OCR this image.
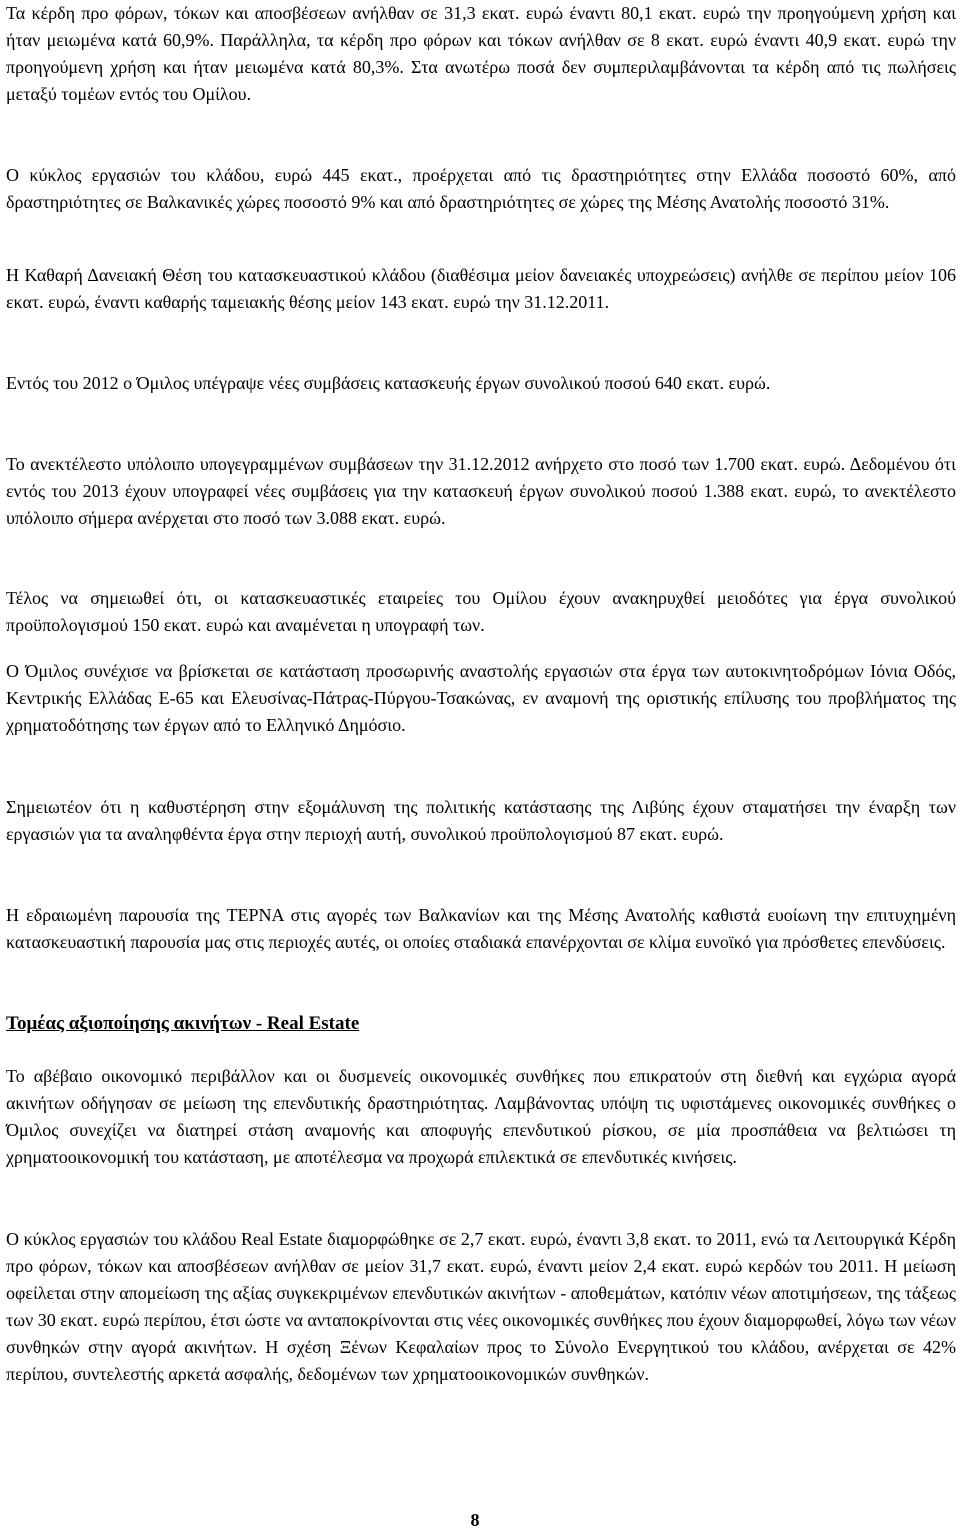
Τα κέρδη προ φόρων, τόκων και αποσβέσεων ανήλθαν σε 31,3 εκατ. ευρώ έναντι 80,1 εκατ. ευρώ την προηγούμενη χρήση και ήταν μειωμένα κατά 60,9%. Παράλληλα, τα κέρδη προ φόρων και τόκων ανήλθαν σε 8 εκατ. ευρώ έναντι 40,9 εκατ. ευρώ την προηγούμενη χρήση και ήταν μειωμένα κατά 80,3%. Στα ανωτέρω ποσά δεν συμπεριλαμβάνονται τα κέρδη από τις πωλήσεις μεταξύ τομέων εντός του Ομίλου.

Ο κύκλος εργασιών του κλάδου, ευρώ 445 εκατ., προέρχεται από τις δραστηριότητες στην Ελλάδα ποσοστό 60%, από δραστηριότητες σε Βαλκανικές χώρες ποσοστό 9% και από δραστηριότητες σε χώρες της Μέσης Ανατολής ποσοστό 31%.

Η Καθαρή Δανειακή Θέση του κατασκευαστικού κλάδου (διαθέσιμα μείον δανειακές υποχρεώσεις) ανήλθε σε περίπου μείον 106 εκατ. ευρώ, έναντι καθαρής ταμειακής θέσης μείον 143 εκατ. ευρώ την 31.12.2011.

Εντός του 2012 ο Όμιλος υπέγραψε νέες συμβάσεις κατασκευής έργων συνολικού ποσού 640 εκατ. ευρώ.

Το ανεκτέλεστο υπόλοιπο υπογεγραμμένων συμβάσεων την 31.12.2012 ανήρχετο στο ποσό των 1.700 εκατ. ευρώ. Δεδομένου ότι εντός του 2013 έχουν υπογραφεί νέες συμβάσεις για την κατασκευή έργων συνολικού ποσού 1.388 εκατ. ευρώ, το ανεκτέλεστο υπόλοιπο σήμερα ανέρχεται στο ποσό των 3.088 εκατ. ευρώ.

Τέλος να σημειωθεί ότι, οι κατασκευαστικές εταιρείες του Ομίλου έχουν ανακηρυχθεί μειοδότες για έργα συνολικού προϋπολογισμού 150 εκατ. ευρώ και αναμένεται η υπογραφή των.

Ο Όμιλος συνέχισε να βρίσκεται σε κατάσταση προσωρινής αναστολής εργασιών στα έργα των αυτοκινητοδρόμων Ιόνια Οδός, Κεντρικής Ελλάδας Ε-65 και Ελευσίνας-Πάτρας-Πύργου-Τσακώνας, εν αναμονή της οριστικής επίλυσης του προβλήματος της χρηματοδότησης των έργων από το Ελληνικό Δημόσιο.

Σημειωτέον ότι η καθυστέρηση στην εξομάλυνση της πολιτικής κατάστασης της Λιβύης έχουν σταματήσει την έναρξη των εργασιών για τα αναληφθέντα έργα στην περιοχή αυτή, συνολικού προϋπολογισμού 87 εκατ. ευρώ.

Η εδραιωμένη παρουσία της ΤΕΡΝΑ στις αγορές των Βαλκανίων και της Μέσης Ανατολής καθιστά ευοίωνη την επιτυχημένη κατασκευαστική παρουσία μας στις περιοχές αυτές, οι οποίες σταδιακά επανέρχονται σε κλίμα ευνοϊκό για πρόσθετες επενδύσεις.

Τομέας αξιοποίησης ακινήτων - Real Estate

Το αβέβαιο οικονομικό περιβάλλον και οι δυσμενείς οικονομικές συνθήκες που επικρατούν στη διεθνή και εγχώρια αγορά ακινήτων οδήγησαν σε μείωση της επενδυτικής δραστηριότητας. Λαμβάνοντας υπόψη τις υφιστάμενες οικονομικές συνθήκες ο Όμιλος συνεχίζει να διατηρεί στάση αναμονής και αποφυγής επενδυτικού ρίσκου, σε μία προσπάθεια να βελτιώσει τη χρηματοοικονομική του κατάσταση, με αποτέλεσμα να προχωρά επιλεκτικά σε επενδυτικές κινήσεις.

Ο κύκλος εργασιών του κλάδου Real Estate διαμορφώθηκε σε 2,7 εκατ. ευρώ, έναντι 3,8 εκατ. το 2011, ενώ τα Λειτουργικά Κέρδη προ φόρων, τόκων και αποσβέσεων ανήλθαν σε μείον 31,7 εκατ. ευρώ, έναντι μείον 2,4 εκατ. ευρώ κερδών του 2011. Η μείωση οφείλεται στην απομείωση της αξίας συγκεκριμένων επενδυτικών ακινήτων - αποθεμάτων, κατόπιν νέων αποτιμήσεων, της τάξεως των 30 εκατ. ευρώ περίπου, έτσι ώστε να ανταποκρίνονται στις νέες οικονομικές συνθήκες που έχουν διαμορφωθεί, λόγω των νέων συνθηκών στην αγορά ακινήτων. Η σχέση Ξένων Κεφαλαίων προς το Σύνολο Ενεργητικού του κλάδου, ανέρχεται σε 42% περίπου, συντελεστής αρκετά ασφαλής, δεδομένων των χρηματοοικονομικών συνθηκών.

8
